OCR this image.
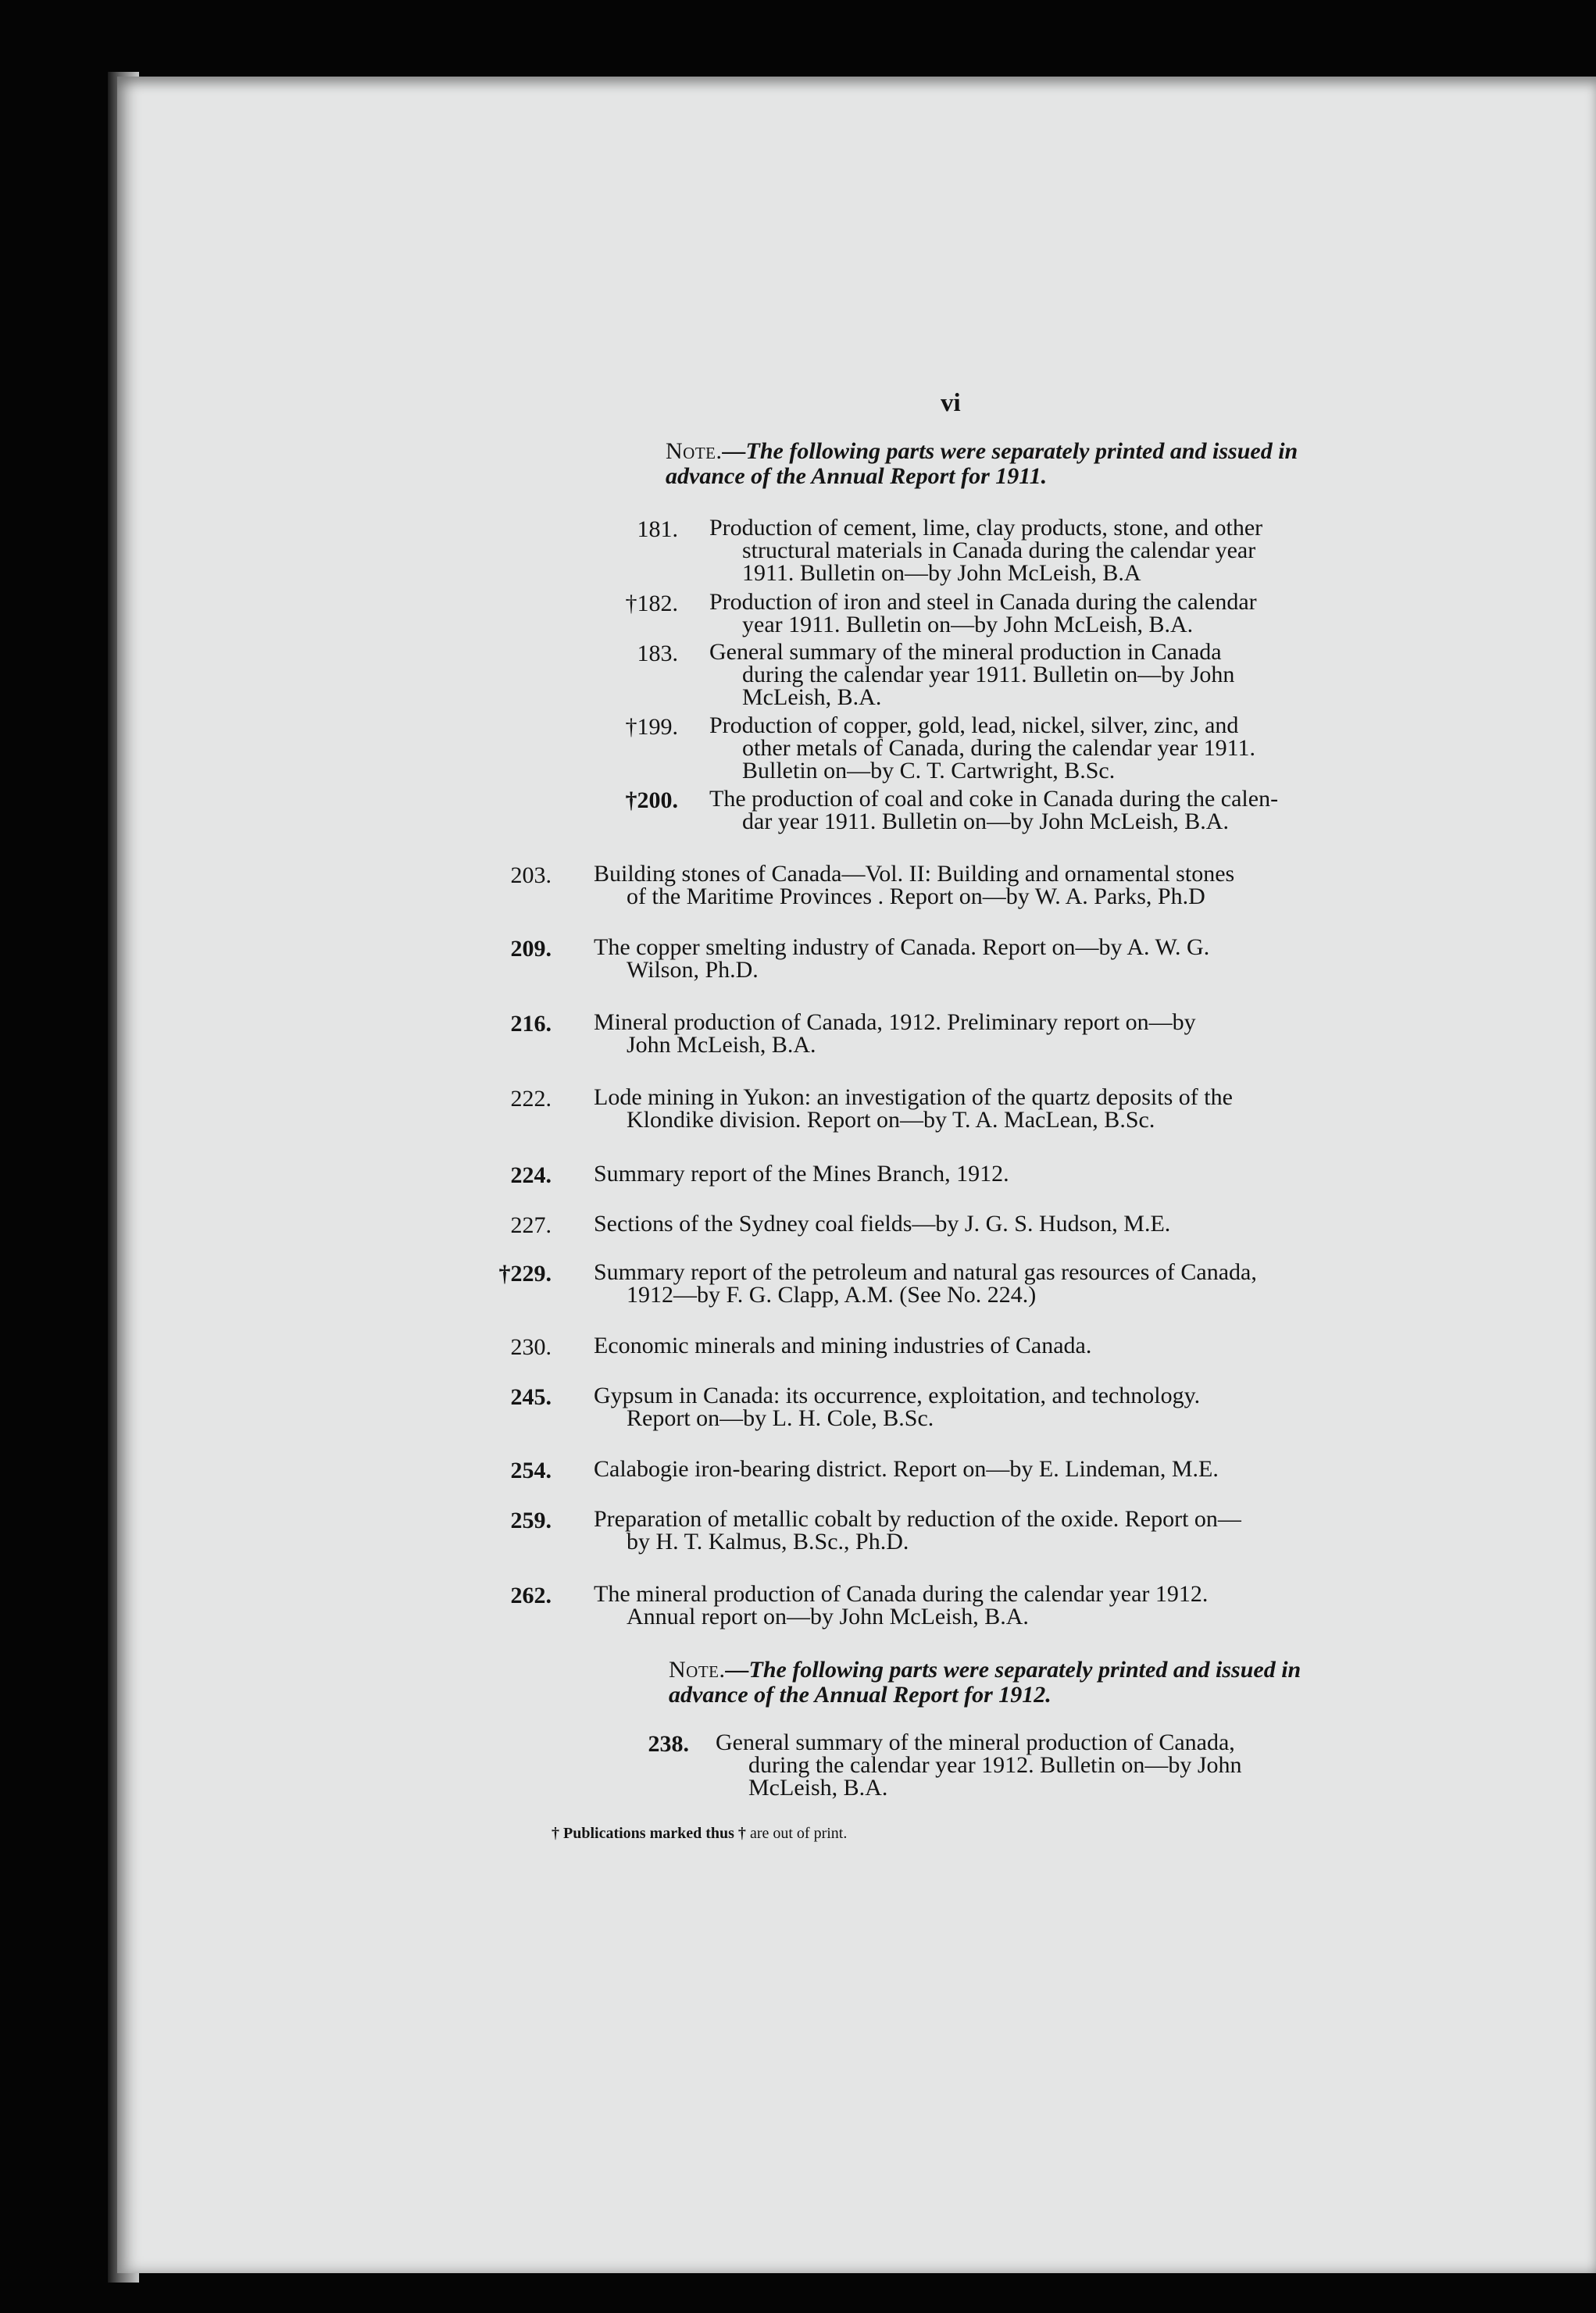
vi
Note.—The following parts were separately printed and issued in
advance of the Annual Report for 1911.
181. Production of cement, lime, clay products, stone, and other
structural materials in Canada during the calendar year
1911. Bulletin on—by John McLeish, B.A
†182. Production of iron and steel in Canada during the calendar
year 1911. Bulletin on—by John McLeish, B.A.
183. General summary of the mineral production in Canada
during the calendar year 1911. Bulletin on—by John
McLeish, B.A.
†199. Production of copper, gold, lead, nickel, silver, zinc, and
other metals of Canada, during the calendar year 1911.
Bulletin on—by C. T. Cartwright, B.Sc.
†200. The production of coal and coke in Canada during the calen-
dar year 1911. Bulletin on—by John McLeish, B.A.
203. Building stones of Canada—Vol. II: Building and ornamental stones
of the Maritime Provinces . Report on—by W. A. Parks, Ph.D
209. The copper smelting industry of Canada. Report on—by A. W. G.
Wilson, Ph.D.
216. Mineral production of Canada, 1912. Preliminary report on—by
John McLeish, B.A.
222. Lode mining in Yukon: an investigation of the quartz deposits of the
Klondike division. Report on—by T. A. MacLean, B.Sc.
224. Summary report of the Mines Branch, 1912.
227. Sections of the Sydney coal fields—by J. G. S. Hudson, M.E.
†229. Summary report of the petroleum and natural gas resources of Canada,
1912—by F. G. Clapp, A.M. (See No. 224.)
230. Economic minerals and mining industries of Canada.
245. Gypsum in Canada: its occurrence, exploitation, and technology.
Report on—by L. H. Cole, B.Sc.
254. Calabogie iron-bearing district. Report on—by E. Lindeman, M.E.
259. Preparation of metallic cobalt by reduction of the oxide. Report on—
by H. T. Kalmus, B.Sc., Ph.D.
262. The mineral production of Canada during the calendar year 1912.
Annual report on—by John McLeish, B.A.
Note.—The following parts were separately printed and issued in
advance of the Annual Report for 1912.
238. General summary of the mineral production of Canada,
during the calendar year 1912. Bulletin on—by John
McLeish, B.A.
† Publications marked thus † are out of print.
